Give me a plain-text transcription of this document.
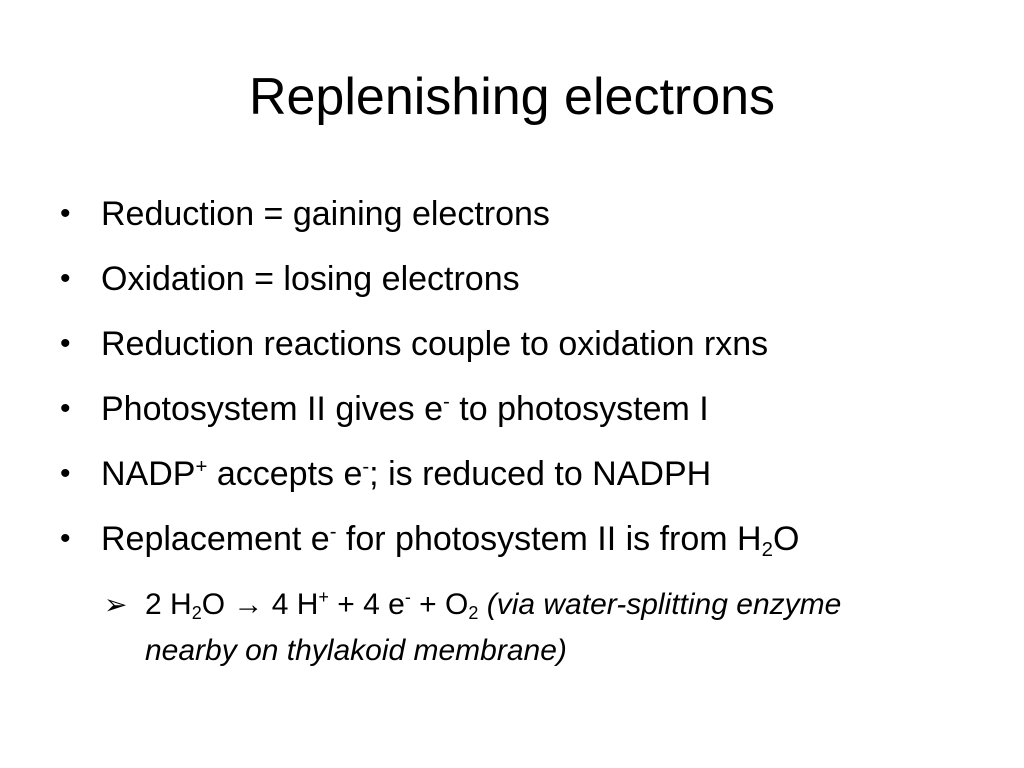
Replenishing electrons
• Reduction = gaining electrons
• Oxidation = losing electrons
• Reduction reactions couple to oxidation rxns
• Photosystem II gives e- to photosystem I
• NADP+ accepts e-; is reduced to NADPH
• Replacement e- for photosystem II is from $H_2O$
➢ 2 $H_2O \to 4$ H+ + 4 $e^- + O_2$ (via water-splitting enzyme nearby on thylakoid membrane)
